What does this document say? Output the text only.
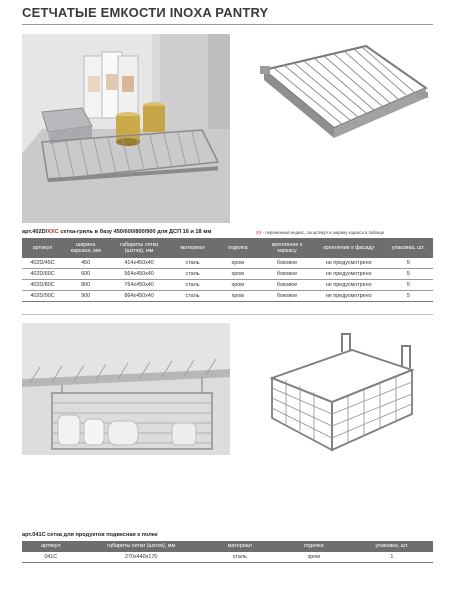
СЕТЧАТЫЕ ЕМКОСТИ INOXA PANTRY
арт.402D/XXC сетка-гриль в базу 450/600/800/900 для ДСП 16 и 18 мм	XX - переменный индекс, см артикул и ширину каркаса в таблице
артикул	ширина каркаса, мм	габариты сетки (шxгxв), мм	материал	отделка	крепление к каркасу	крепление к фасаду	упаковка, шт.
402D/45C	450	414x450x40	сталь	хром	боковое	не предусмотрено	5
402D/60C	600	564x450x40	сталь	хром	боковое	не предусмотрено	5
402D/80C	800	764x450x40	сталь	хром	боковое	не предусмотрено	5
402D/90C	900	864x450x40	сталь	хром	боковое	не предусмотрено	5
арт.041C сетка для продуктов подвесная к полке
артикул	габариты сетки (шxгxв), мм	материал	отделка	упаковка, шт.
041C	270x440x170	сталь	хром	1
